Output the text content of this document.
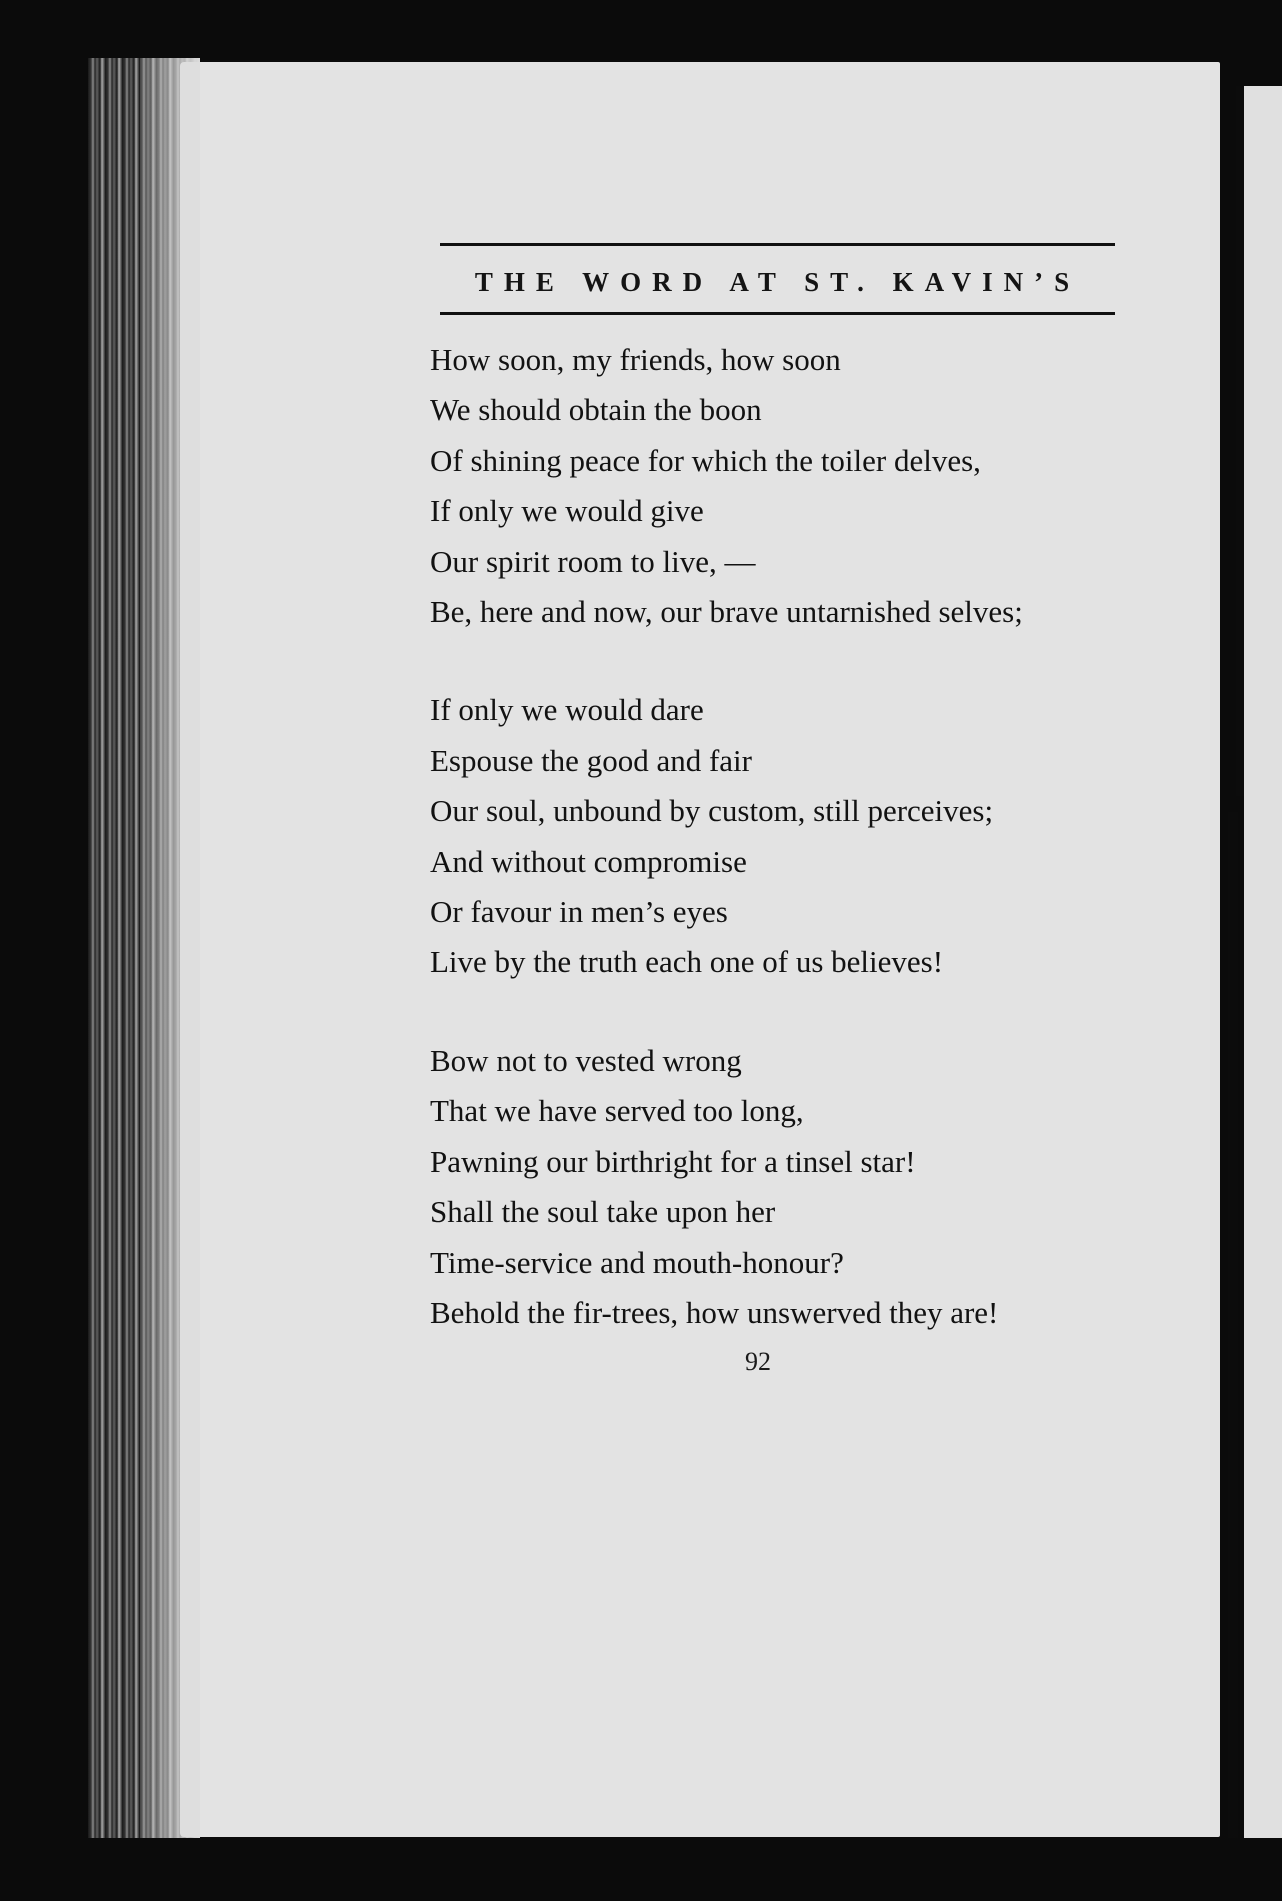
THE WORD AT ST. KAVIN’S
How soon, my friends, how soon
We should obtain the boon
Of shining peace for which the toiler delves,
If only we would give
Our spirit room to live, —
Be, here and now, our brave untarnished selves;
If only we would dare
Espouse the good and fair
Our soul, unbound by custom, still perceives;
And without compromise
Or favour in men’s eyes
Live by the truth each one of us believes!
Bow not to vested wrong
That we have served too long,
Pawning our birthright for a tinsel star!
Shall the soul take upon her
Time-service and mouth-honour?
Behold the fir-trees, how unswerved they are!
92
